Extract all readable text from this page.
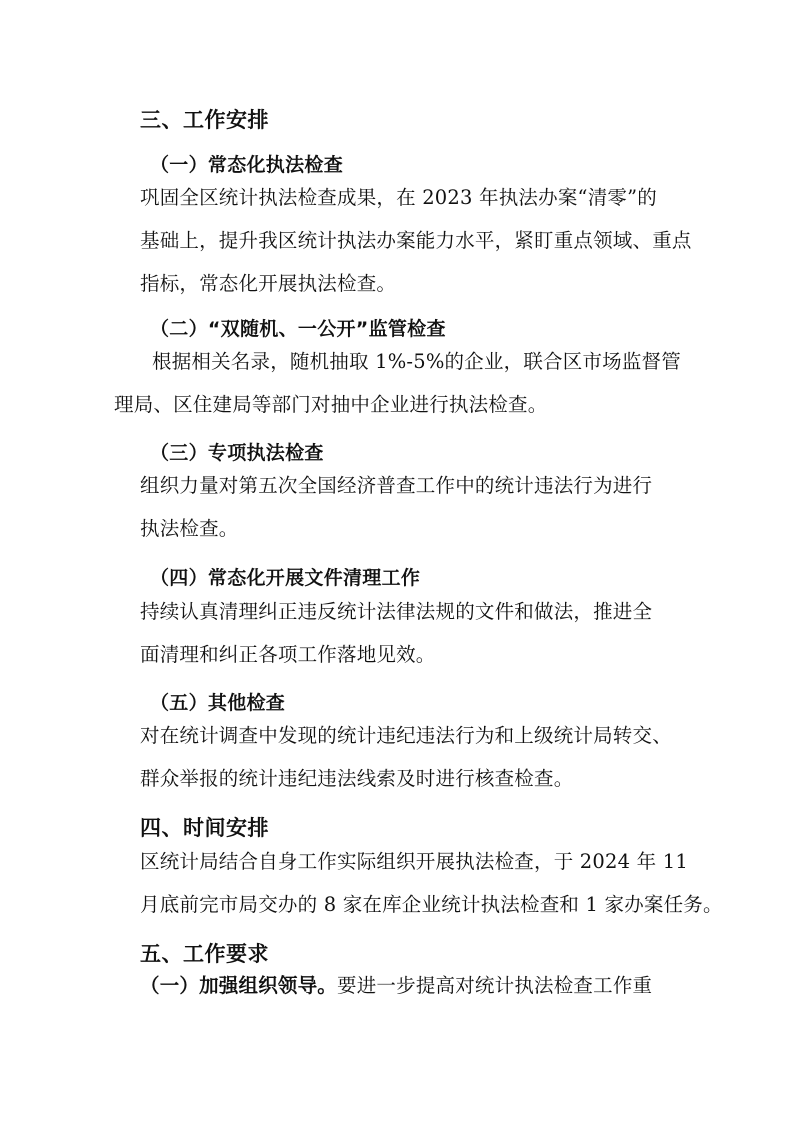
三、工作安排
（一）常态化执法检查
巩固全区统计执法检查成果，在 2023 年执法办案“清零”的
基础上，提升我区统计执法办案能力水平，紧盯重点领域、重点
指标，常态化开展执法检查。
（二）“双随机、一公开”监管检查
根据相关名录，随机抽取 1%-5%的企业，联合区市场监督管
理局、区住建局等部门对抽中企业进行执法检查。
（三）专项执法检查
组织力量对第五次全国经济普查工作中的统计违法行为进行
执法检查。
（四）常态化开展文件清理工作
持续认真清理纠正违反统计法律法规的文件和做法，推进全
面清理和纠正各项工作落地见效。
（五）其他检查
对在统计调查中发现的统计违纪违法行为和上级统计局转交、
群众举报的统计违纪违法线索及时进行核查检查。
四、时间安排
区统计局结合自身工作实际组织开展执法检查，于 2024 年 11
月底前完市局交办的 8 家在库企业统计执法检查和 1 家办案任务。
五、工作要求
（一）加强组织领导。要进一步提高对统计执法检查工作重
